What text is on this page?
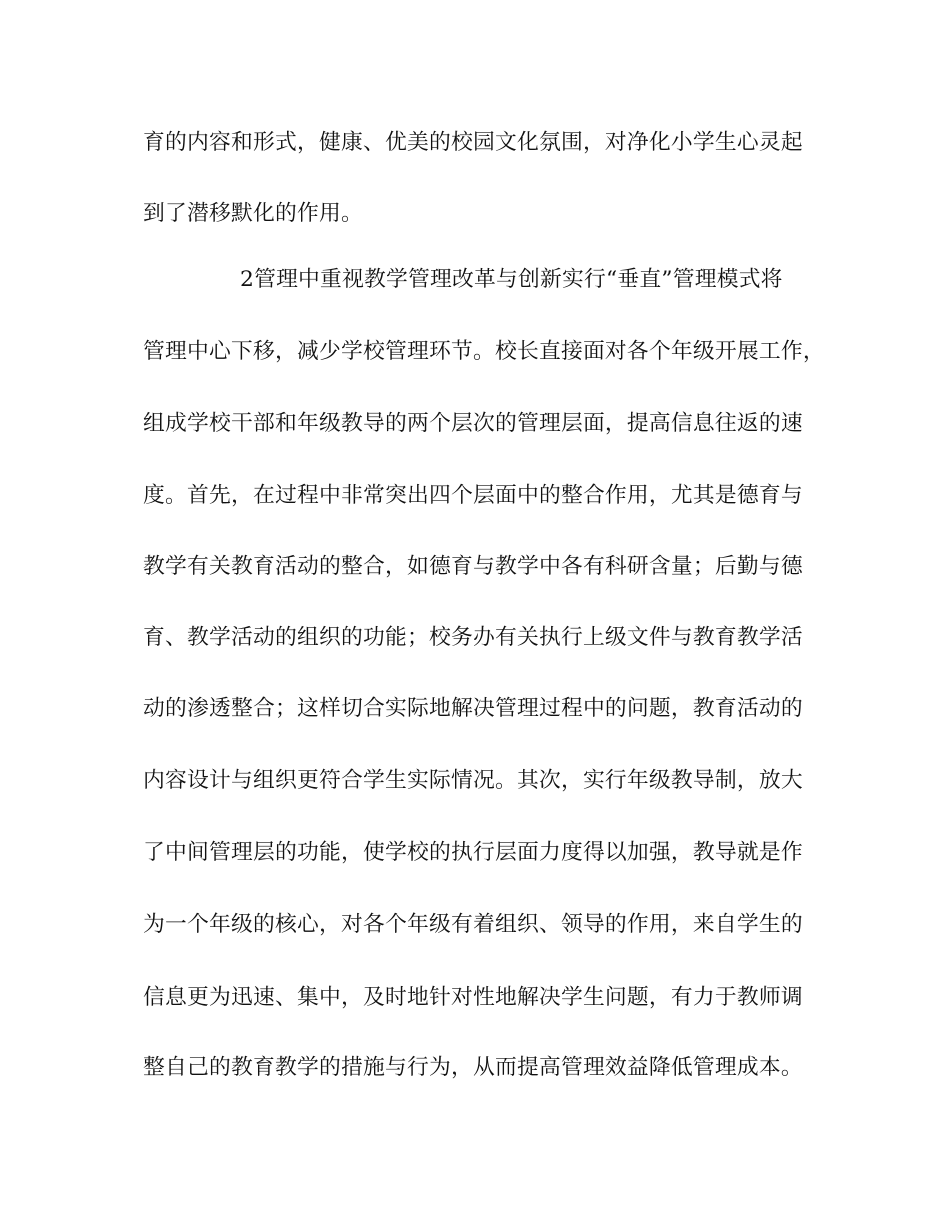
育的内容和形式，健康、优美的校园文化氛围，对净化小学生心灵起
到了潜移默化的作用。
2管理中重视教学管理改革与创新实行“垂直”管理模式将
管理中心下移，减少学校管理环节。校长直接面对各个年级开展工作，
组成学校干部和年级教导的两个层次的管理层面，提高信息往返的速
度。首先，在过程中非常突出四个层面中的整合作用，尤其是德育与
教学有关教育活动的整合，如德育与教学中各有科研含量；后勤与德
育、教学活动的组织的功能；校务办有关执行上级文件与教育教学活
动的渗透整合；这样切合实际地解决管理过程中的问题，教育活动的
内容设计与组织更符合学生实际情况。其次，实行年级教导制，放大
了中间管理层的功能，使学校的执行层面力度得以加强，教导就是作
为一个年级的核心，对各个年级有着组织、领导的作用，来自学生的
信息更为迅速、集中，及时地针对性地解决学生问题，有力于教师调
整自己的教育教学的措施与行为，从而提高管理效益降低管理成本。
